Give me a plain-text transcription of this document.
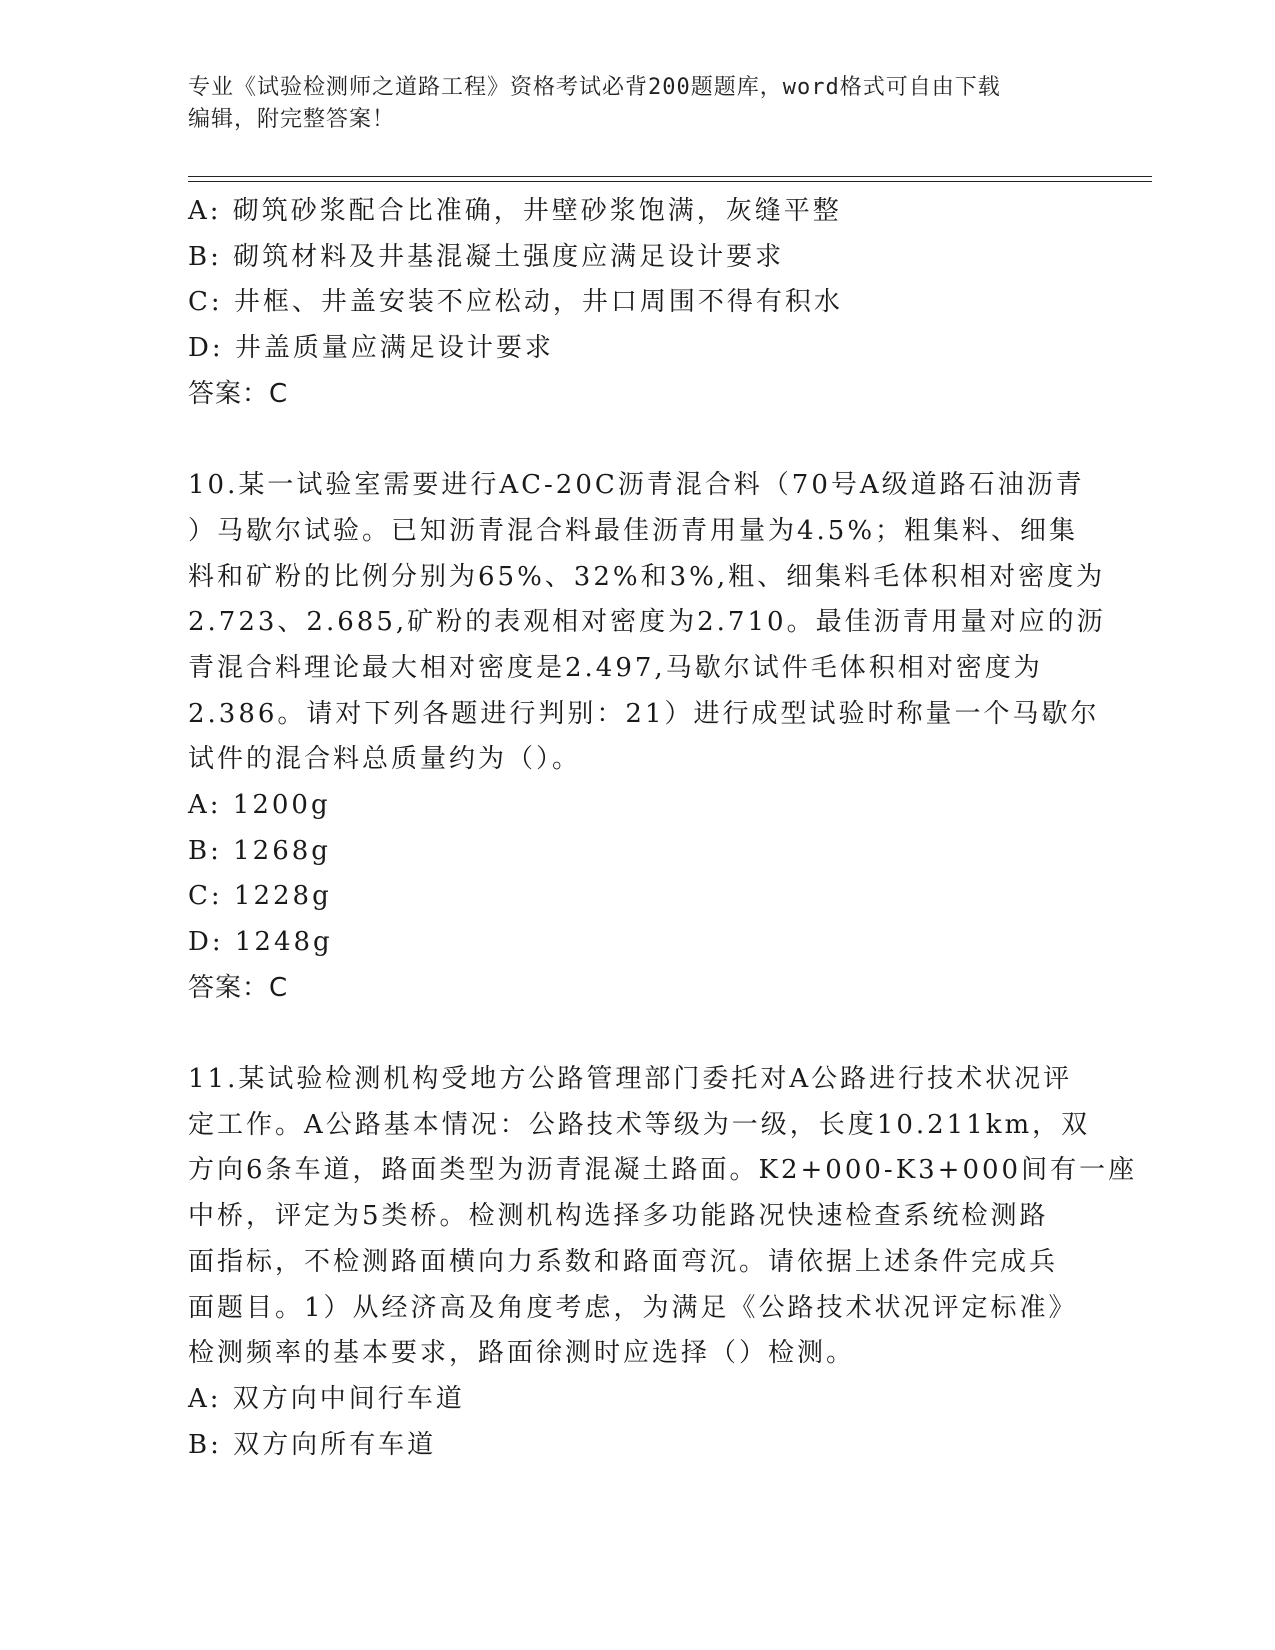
专业《试验检测师之道路工程》资格考试必背200题题库，word格式可自由下载
编辑，附完整答案！
A: 砌筑砂浆配合比准确，井壁砂浆饱满，灰缝平整
B: 砌筑材料及井基混凝土强度应满足设计要求
C: 井框、井盖安装不应松动，井口周围不得有积水
D: 井盖质量应满足设计要求
答案：C
10.某一试验室需要进行AC-20C沥青混合料（70号A级道路石油沥青
）马歇尔试验。已知沥青混合料最佳沥青用量为4.5%；粗集料、细集
料和矿粉的比例分别为65%、32%和3%,粗、细集料毛体积相对密度为
2.723、2.685,矿粉的表观相对密度为2.710。最佳沥青用量对应的沥
青混合料理论最大相对密度是2.497,马歇尔试件毛体积相对密度为
2.386。请对下列各题进行判别：21）进行成型试验时称量一个马歇尔
试件的混合料总质量约为（）。
A: 1200g
B: 1268g
C: 1228g
D: 1248g
答案：C
11.某试验检测机构受地方公路管理部门委托对A公路进行技术状况评
定工作。A公路基本情况：公路技术等级为一级，长度10.211km，双
方向6条车道，路面类型为沥青混凝土路面。K2+000-K3+000间有一座
中桥，评定为5类桥。检测机构选择多功能路况快速检查系统检测路
面指标，不检测路面横向力系数和路面弯沉。请依据上述条件完成兵
面题目。1）从经济高及角度考虑，为满足《公路技术状况评定标准》
检测频率的基本要求，路面徐测时应选择（）检测。
A: 双方向中间行车道
B: 双方向所有车道
